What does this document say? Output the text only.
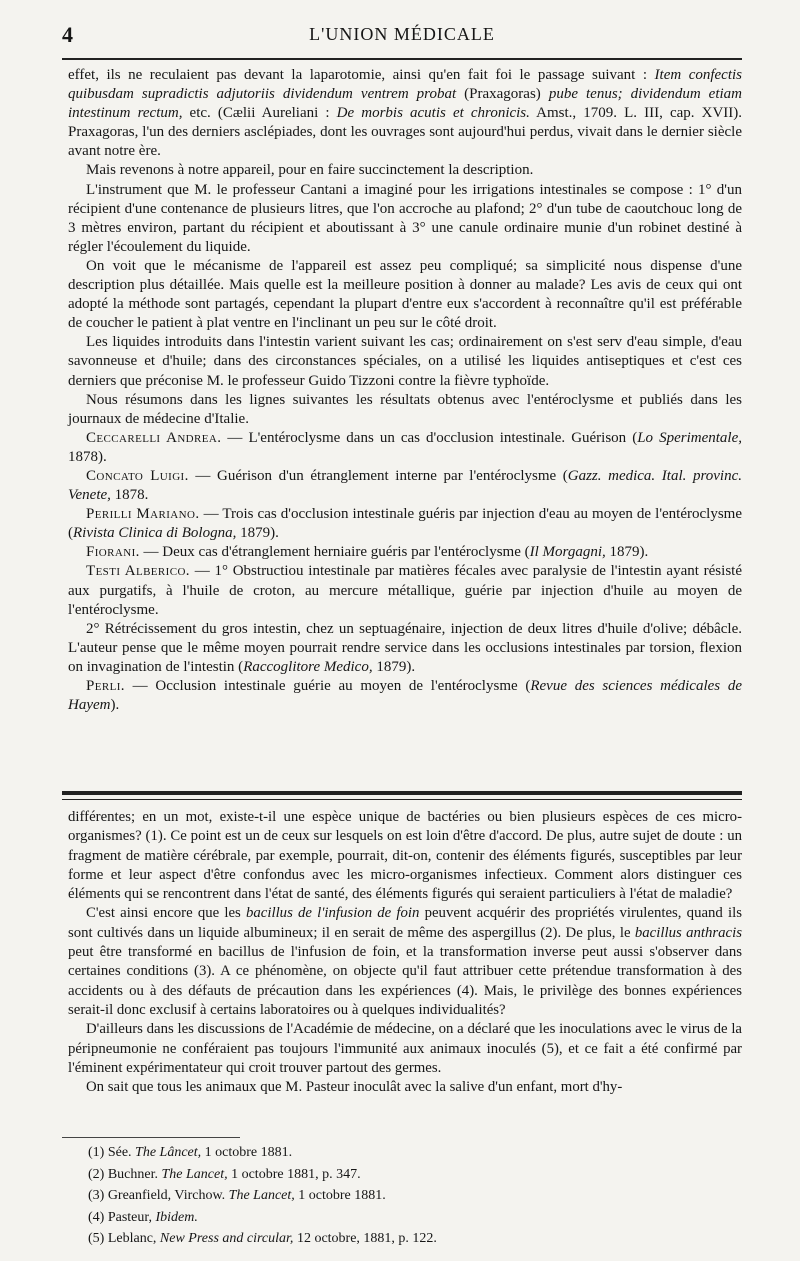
4	L'UNION MÉDICALE

effet, ils ne reculaient pas devant la laparotomie, ainsi qu'en fait foi le passage suivant : Item confectis quibusdam supradictis adjutoriis dividendum ventrem probat (Praxagoras) pube tenus; dividendum etiam intestinum rectum, etc. (Cælii Aureliani : De morbis acutis et chronicis. Amst., 1709. L. III, cap. XVII). Praxagoras, l'un des derniers asclépiades, dont les ouvrages sont aujourd'hui perdus, vivait dans le dernier siècle avant notre ère.

Mais revenons à notre appareil, pour en faire succinctement la description.

L'instrument que M. le professeur Cantani a imaginé pour les irrigations intestinales se compose : 1° d'un récipient d'une contenance de plusieurs litres, que l'on accroche au plafond; 2° d'un tube de caoutchouc long de 3 mètres environ, partant du récipient et aboutissant à 3° une canule ordinaire munie d'un robinet destiné à régler l'écoulement du liquide.

On voit que le mécanisme de l'appareil est assez peu compliqué; sa simplicité nous dispense d'une description plus détaillée. Mais quelle est la meilleure position à donner au malade? Les avis de ceux qui ont adopté la méthode sont partagés, cependant la plupart d'entre eux s'accordent à reconnaître qu'il est préférable de coucher le patient à plat ventre en l'inclinant un peu sur le côté droit.

Les liquides introduits dans l'intestin varient suivant les cas; ordinairement on s'est serv d'eau simple, d'eau savonneuse et d'huile; dans des circonstances spéciales, on a utilisé les liquides antiseptiques et c'est ces derniers que préconise M. le professeur Guido Tizzoni contre la fièvre typhoïde.

Nous résumons dans les lignes suivantes les résultats obtenus avec l'entéroclysme et publiés dans les journaux de médecine d'Italie.

Ceccarelli Andrea. — L'entéroclysme dans un cas d'occlusion intestinale. Guérison (Lo Sperimentale, 1878).

Concato Luigi. — Guérison d'un étranglement interne par l'entéroclysme (Gazz. medica. Ital. provinc. Venete, 1878.

Perilli Mariano. — Trois cas d'occlusion intestinale guéris par injection d'eau au moyen de l'entéroclysme (Rivista Clinica di Bologna, 1879).

Fiorani. — Deux cas d'étranglement herniaire guéris par l'entéroclysme (Il Morgagni, 1879).

Testi Alberico. — 1° Obstructiou intestinale par matières fécales avec paralysie de l'intestin ayant résisté aux purgatifs, à l'huile de croton, au mercure métallique, guérie par injection d'huile au moyen de l'entéroclysme.

2° Rétrécissement du gros intestin, chez un septuagénaire, injection de deux litres d'huile d'olive; débâcle. L'auteur pense que le même moyen pourrait rendre service dans les occlusions intestinales par torsion, flexion on invagination de l'intestin (Raccoglitore Medico, 1879).

Perli. — Occlusion intestinale guérie au moyen de l'entéroclysme (Revue des sciences médicales de Hayem).

différentes; en un mot, existe-t-il une espèce unique de bactéries ou bien plusieurs espèces de ces micro-organismes? (1). Ce point est un de ceux sur lesquels on est loin d'être d'accord. De plus, autre sujet de doute : un fragment de matière cérébrale, par exemple, pourrait, dit-on, contenir des éléments figurés, susceptibles par leur forme et leur aspect d'être confondus avec les micro-organismes infectieux. Comment alors distinguer ces éléments qui se rencontrent dans l'état de santé, des éléments figurés qui seraient particuliers à l'état de maladie?

C'est ainsi encore que les bacillus de l'infusion de foin peuvent acquérir des propriétés virulentes, quand ils sont cultivés dans un liquide albumineux; il en serait de même des aspergillus (2). De plus, le bacillus anthracis peut être transformé en bacillus de l'infusion de foin, et la transformation inverse peut aussi s'observer dans certaines conditions (3). A ce phénomène, on objecte qu'il faut attribuer cette prétendue transformation à des accidents ou à des défauts de précaution dans les expériences (4). Mais, le privilège des bonnes expériences serait-il donc exclusif à certains laboratoires ou à quelques individualités?

D'ailleurs dans les discussions de l'Académie de médecine, on a déclaré que les inoculations avec le virus de la péripneumonie ne conféraient pas toujours l'immunité aux animaux inoculés (5), et ce fait a été confirmé par l'éminent expérimentateur qui croit trouver partout des germes.

On sait que tous les animaux que M. Pasteur inoculât avec la salive d'un enfant, mort d'hy-

(1) Sée. The Lâncet, 1 octobre 1881.

(2) Buchner. The Lancet, 1 octobre 1881, p. 347.

(3) Greanfield, Virchow. The Lancet, 1 octobre 1881.

(4) Pasteur, Ibidem.

(5) Leblanc, New Press and circular, 12 octobre, 1881, p. 122.
